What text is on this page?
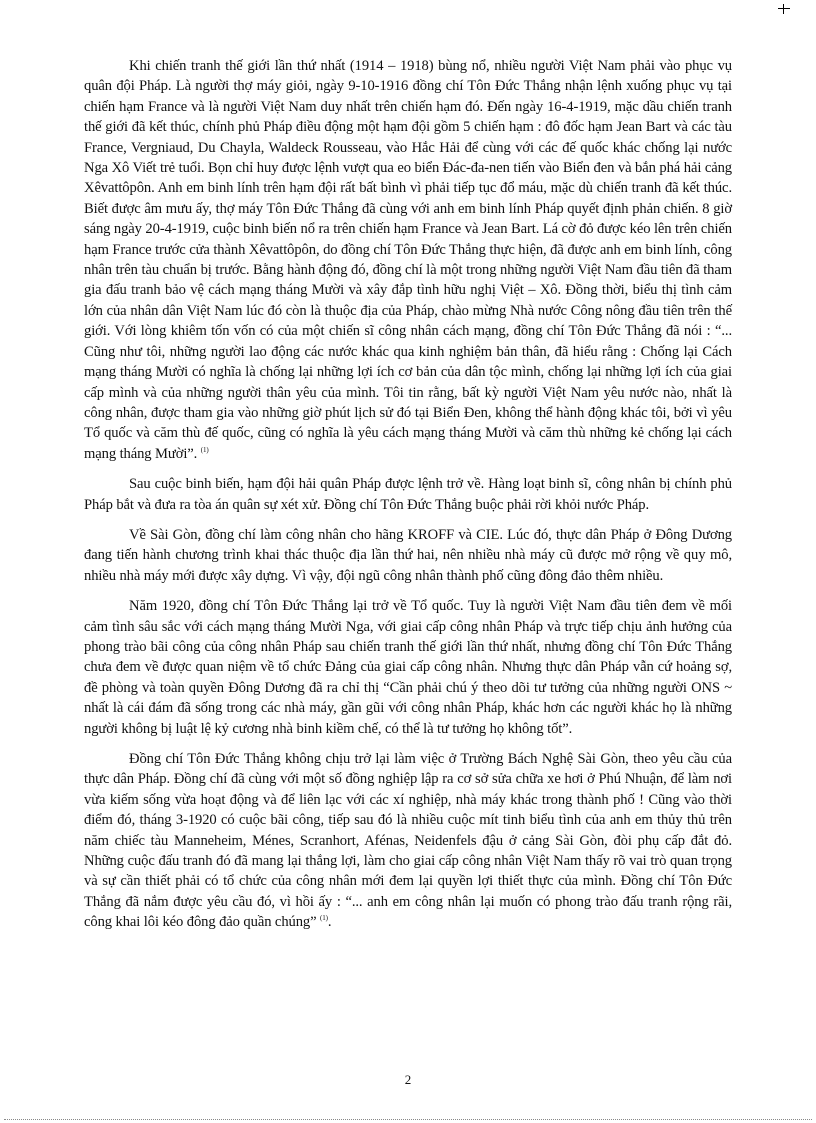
Khi chiến tranh thế giới lần thứ nhất (1914 – 1918) bùng nổ, nhiều người Việt Nam phải vào phục vụ quân đội Pháp. Là người thợ máy giỏi, ngày 9-10-1916 đồng chí Tôn Đức Thắng nhận lệnh xuống phục vụ tại chiến hạm France và là người Việt Nam duy nhất trên chiến hạm đó. Đến ngày 16-4-1919, mặc dầu chiến tranh thế giới đã kết thúc, chính phủ Pháp điều động một hạm đội gồm 5 chiến hạm : đô đốc hạm Jean Bart và các tàu France, Vergniaud, Du Chayla, Waldeck Rousseau, vào Hắc Hải để cùng với các đế quốc khác chống lại nước Nga Xô Viết trẻ tuổi. Bọn chỉ huy được lệnh vượt qua eo biển Đác-đa-nen tiến vào Biển đen và bắn phá hải cảng Xêvattôpôn. Anh em binh lính trên hạm đội rất bất bình vì phải tiếp tục đổ máu, mặc dù chiến tranh đã kết thúc. Biết được âm mưu ấy, thợ máy Tôn Đức Thắng đã cùng với anh em binh lính Pháp quyết định phản chiến. 8 giờ sáng ngày 20-4-1919, cuộc binh biến nổ ra trên chiến hạm France và Jean Bart. Lá cờ đỏ được kéo lên trên chiến hạm France trước cửa thành Xêvattôpôn, do đồng chí Tôn Đức Thắng thực hiện, đã được anh em binh lính, công nhân trên tàu chuẩn bị trước. Bằng hành động đó, đồng chí là một trong những người Việt Nam đầu tiên đã tham gia đấu tranh bảo vệ cách mạng tháng Mười và xây đắp tình hữu nghị Việt – Xô. Đồng thời, biểu thị tình cảm lớn của nhân dân Việt Nam lúc đó còn là thuộc địa của Pháp, chào mừng Nhà nước Công nông đầu tiên trên thế giới. Với lòng khiêm tốn vốn có của một chiến sĩ công nhân cách mạng, đồng chí Tôn Đức Thắng đã nói : “... Cũng như tôi, những người lao động các nước khác qua kinh nghiệm bản thân, đã hiểu rằng : Chống lại Cách mạng tháng Mười có nghĩa là chống lại những lợi ích cơ bản của dân tộc mình, chống lại những lợi ích của giai cấp mình và của những người thân yêu của mình. Tôi tin rằng, bất kỳ người Việt Nam yêu nước nào, nhất là công nhân, được tham gia vào những giờ phút lịch sử đó tại Biển Đen, không thể hành động khác tôi, bởi vì yêu Tổ quốc và căm thù đế quốc, cũng có nghĩa là yêu cách mạng tháng Mười và căm thù những kẻ chống lại cách mạng tháng Mười”. $^{(1)}$

Sau cuộc binh biến, hạm đội hải quân Pháp được lệnh trở về. Hàng loạt binh sĩ, công nhân bị chính phủ Pháp bắt và đưa ra tòa án quân sự xét xử. Đồng chí Tôn Đức Thắng buộc phải rời khỏi nước Pháp.

Về Sài Gòn, đồng chí làm công nhân cho hãng KROFF và CIE. Lúc đó, thực dân Pháp ở Đông Dương đang tiến hành chương trình khai thác thuộc địa lần thứ hai, nên nhiều nhà máy cũ được mở rộng về quy mô, nhiều nhà máy mới được xây dựng. Vì vậy, đội ngũ công nhân thành phố cũng đông đảo thêm nhiều.

Năm 1920, đồng chí Tôn Đức Thắng lại trở về Tổ quốc. Tuy là người Việt Nam đầu tiên đem về mối cảm tình sâu sắc với cách mạng tháng Mười Nga, với giai cấp công nhân Pháp và trực tiếp chịu ảnh hưởng của phong trào bãi công của công nhân Pháp sau chiến tranh thế giới lần thứ nhất, nhưng đồng chí Tôn Đức Thắng chưa đem về được quan niệm về tổ chức Đảng của giai cấp công nhân. Nhưng thực dân Pháp vẫn cứ hoảng sợ, đề phòng và toàn quyền Đông Dương đã ra chỉ thị “Cần phải chú ý theo dõi tư tưởng của những người ONS ~ nhất là cái đám đã sống trong các nhà máy, gần gũi với công nhân Pháp, khác hơn các người khác họ là những người không bị luật lệ kỷ cương nhà binh kiềm chế, có thể là tư tưởng họ không tốt”.

Đồng chí Tôn Đức Thắng không chịu trở lại làm việc ở Trường Bách Nghệ Sài Gòn, theo yêu cầu của thực dân Pháp. Đồng chí đã cùng với một số đồng nghiệp lập ra cơ sở sửa chữa xe hơi ở Phú Nhuận, để làm nơi vừa kiếm sống vừa hoạt động và để liên lạc với các xí nghiệp, nhà máy khác trong thành phố ! Cũng vào thời điểm đó, tháng 3-1920 có cuộc bãi công, tiếp sau đó là nhiều cuộc mít tinh biểu tình của anh em thủy thủ trên năm chiếc tàu Manneheim, Ménes, Scranhort, Afénas, Neidenfels đậu ở cảng Sài Gòn, đòi phụ cấp đắt đỏ. Những cuộc đấu tranh đó đã mang lại thắng lợi, làm cho giai cấp công nhân Việt Nam thấy rõ vai trò quan trọng và sự cần thiết phải có tổ chức của công nhân mới đem lại quyền lợi thiết thực của mình. Đồng chí Tôn Đức Thắng đã nắm được yêu cầu đó, vì hồi ấy : “... anh em công nhân lại muốn có phong trào đấu tranh rộng rãi, công khai lôi kéo đông đảo quần chúng” $^{(1)}$.

2
